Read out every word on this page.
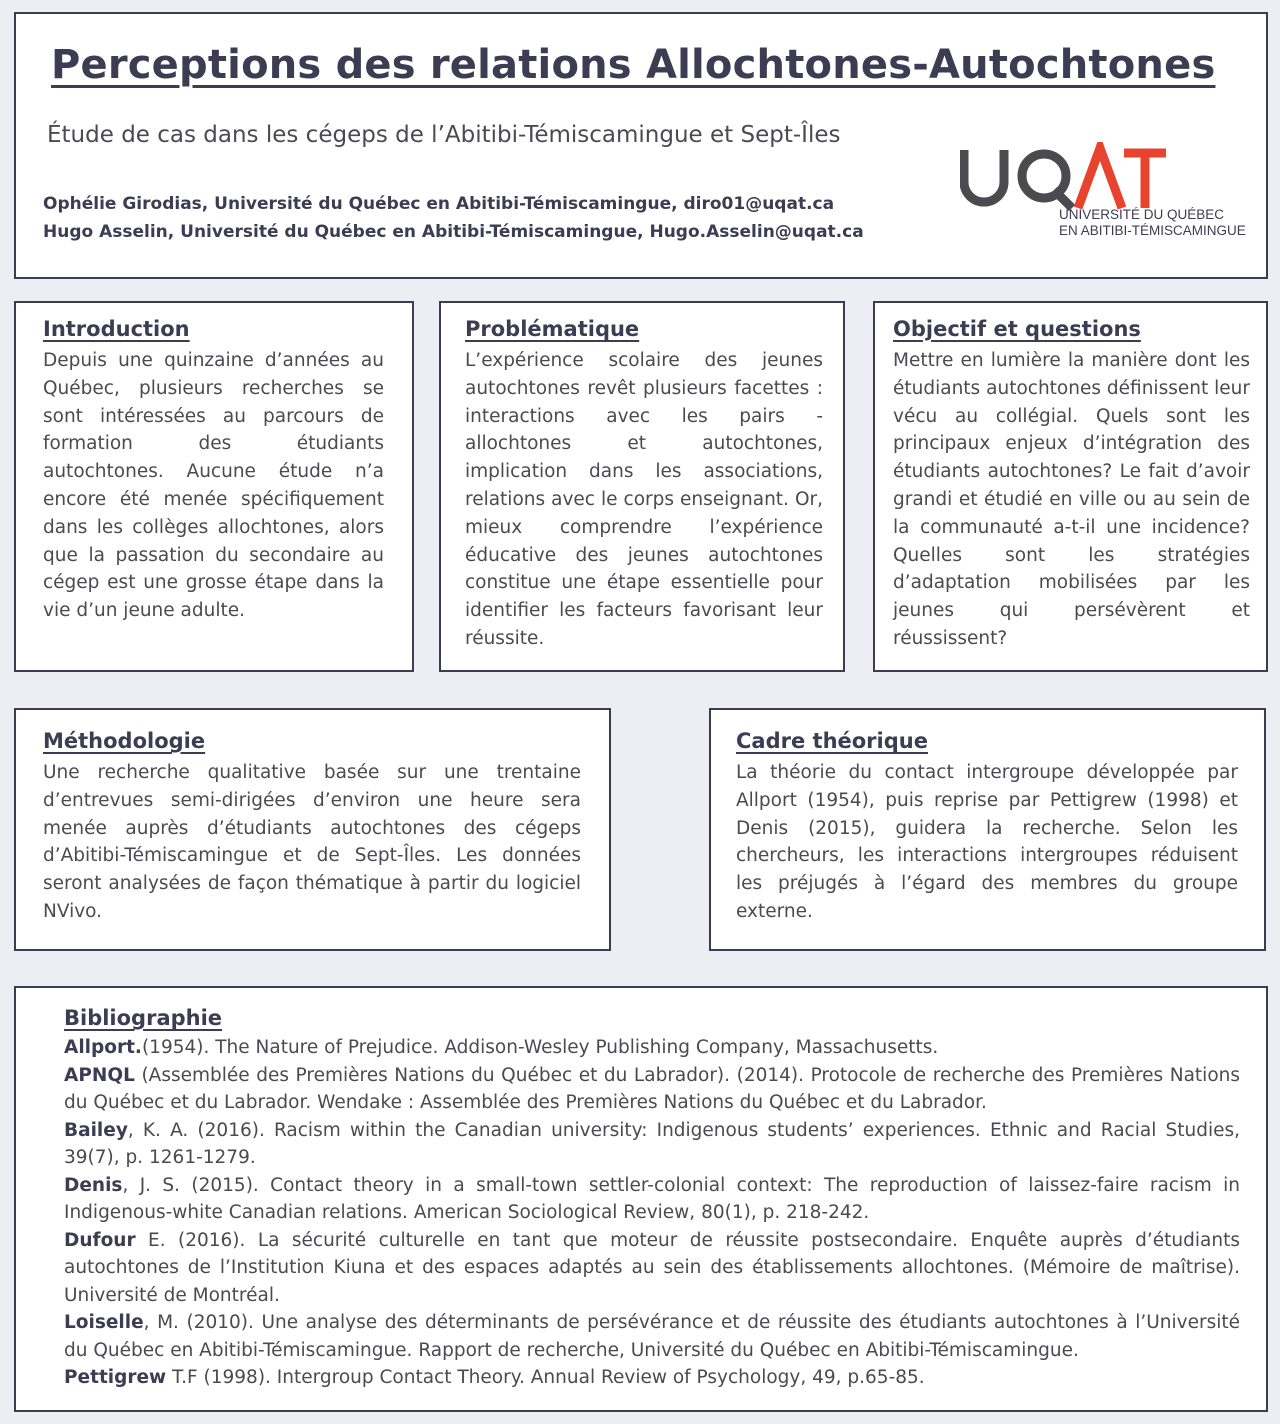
Perceptions des relations Allochtones-Autochtones

Étude de cas dans les cégeps de l’Abitibi-Témiscamingue et Sept-Îles

Ophélie Girodias, Université du Québec en Abitibi-Témiscamingue, diro01@uqat.ca
Hugo Asselin, Université du Québec en Abitibi-Témiscamingue, Hugo.Asselin@uqat.ca
UNIVERSITÉ DU QUÉBEC
EN ABITIBI-TÉMISCAMINGUE
Introduction

Depuis une quinzaine d’années au Québec, plusieurs recherches se sont intéressées au parcours de formation des étudiants autochtones. Aucune étude n’a encore été menée spécifiquement dans les collèges allochtones, alors que la passation du secondaire au cégep est une grosse étape dans la vie d’un jeune adulte.

Problématique

L’expérience scolaire des jeunes autochtones revêt plusieurs facettes : interactions avec les pairs - allochtones et autochtones, implication dans les associations, relations avec le corps enseignant. Or, mieux comprendre l’expérience éducative des jeunes autochtones constitue une étape essentielle pour identifier les facteurs favorisant leur réussite.

Objectif et questions

Mettre en lumière la manière dont les étudiants autochtones définissent leur vécu au collégial. Quels sont les principaux enjeux d’intégration des étudiants autochtones? Le fait d’avoir grandi et étudié en ville ou au sein de la communauté a-t-il une incidence? Quelles sont les stratégies d’adaptation mobilisées par les jeunes qui persévèrent et réussissent?

Méthodologie

Une recherche qualitative basée sur une trentaine d’entrevues semi-dirigées d’environ une heure sera menée auprès d’étudiants autochtones des cégeps d’Abitibi-Témiscamingue et de Sept-Îles. Les données seront analysées de façon thématique à partir du logiciel NVivo.

Cadre théorique

La théorie du contact intergroupe développée par Allport (1954), puis reprise par Pettigrew (1998) et Denis (2015), guidera la recherche. Selon les chercheurs, les interactions intergroupes réduisent les préjugés à l’égard des membres du groupe externe.

Bibliographie

Allport.(1954). The Nature of Prejudice. Addison-Wesley Publishing Company, Massachusetts.

APNQL (Assemblée des Premières Nations du Québec et du Labrador). (2014). Protocole de recherche des Premières Nations du Québec et du Labrador. Wendake : Assemblée des Premières Nations du Québec et du Labrador.

Bailey, K. A. (2016). Racism within the Canadian university: Indigenous students’ experiences. Ethnic and Racial Studies, 39(7), p. 1261-1279.

Denis, J. S. (2015). Contact theory in a small-town settler-colonial context: The reproduction of laissez-faire racism in Indigenous-white Canadian relations. American Sociological Review, 80(1), p. 218-242.

Dufour E. (2016). La sécurité culturelle en tant que moteur de réussite postsecondaire. Enquête auprès d’étudiants autochtones de l’Institution Kiuna et des espaces adaptés au sein des établissements allochtones. (Mémoire de maîtrise). Université de Montréal.

Loiselle, M. (2010). Une analyse des déterminants de persévérance et de réussite des étudiants autochtones à l’Université du Québec en Abitibi-Témiscamingue. Rapport de recherche, Université du Québec en Abitibi-Témiscamingue.

Pettigrew T.F (1998). Intergroup Contact Theory. Annual Review of Psychology, 49, p.65-85.
